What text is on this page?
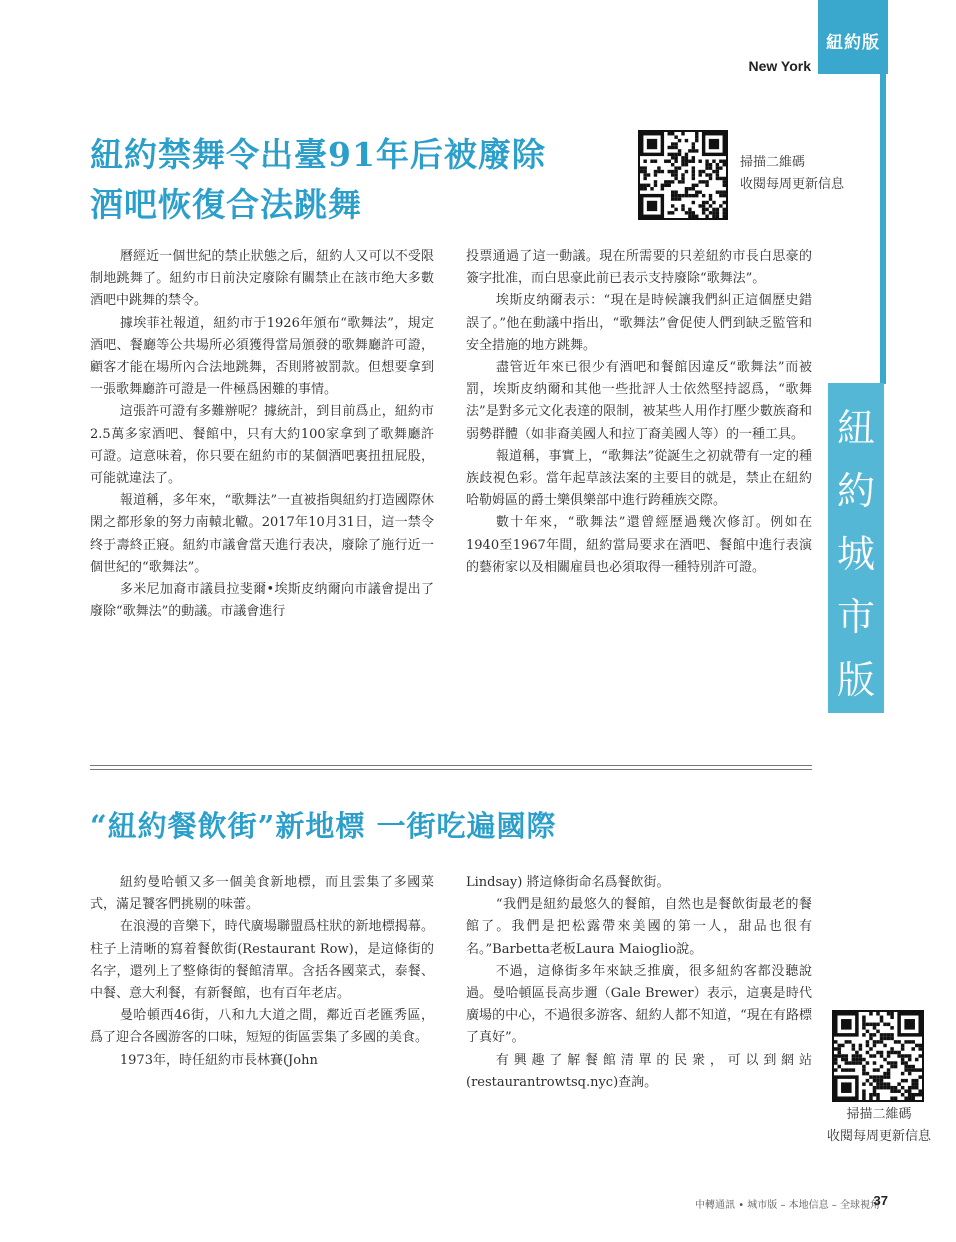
紐約版
New York
紐
約
城
市
版
紐約禁舞令出臺91年后被廢除
酒吧恢復合法跳舞
掃描二維碼
收閱每周更新信息

曆經近一個世紀的禁止狀態之后，紐約人又可以不受限制地跳舞了。紐約市日前決定廢除有關禁止在該市绝大多數酒吧中跳舞的禁令。

據埃菲社報道，紐約市于1926年頒布“歌舞法”，規定酒吧、餐廳等公共場所必須獲得當局頒發的歌舞廳許可證，顧客才能在場所內合法地跳舞，否則將被罰款。但想要拿到一張歌舞廳許可證是一件極爲困難的事情。

這張許可證有多難辦呢？據統計，到目前爲止，紐約市2.5萬多家酒吧、餐館中，只有大約100家拿到了歌舞廳許可證。這意味着，你只要在紐約市的某個酒吧裏扭扭屁股，可能就違法了。

報道稱，多年來，“歌舞法”一直被指與紐約打造國際休閑之都形象的努力南轅北轍。2017年10月31日，這一禁令终于壽終正寢。紐約市議會當天進行表决，廢除了施行近一個世紀的“歌舞法”。

多米尼加裔市議員拉斐爾•埃斯皮纳爾向市議會提出了廢除“歌舞法”的動議。市議會進行

投票通過了這一動議。現在所需要的只差紐約市長白思豪的簽字批准，而白思豪此前已表示支持廢除“歌舞法”。

埃斯皮纳爾表示：“現在是時候讓我們糾正這個歷史錯誤了。”他在動議中指出，“歌舞法”會促使人們到缺乏監管和安全措施的地方跳舞。

盡管近年來已很少有酒吧和餐館因違反“歌舞法”而被罰，埃斯皮纳爾和其他一些批評人士依然堅持認爲，“歌舞法”是對多元文化表達的限制，被某些人用作打壓少數族裔和弱勢群體（如非裔美國人和拉丁裔美國人等）的一種工具。

報道稱，事實上，“歌舞法”從誕生之初就帶有一定的種族歧視色彩。當年起草該法案的主要目的就是，禁止在紐約哈勒姆區的爵士樂俱樂部中進行跨種族交際。

數十年來，“歌舞法”還曾經歷過幾次修訂。例如在1940至1967年間，紐約當局要求在酒吧、餐館中進行表演的藝術家以及相關雇員也必須取得一種特別許可證。

“紐約餐飲街”新地標 一街吃遍國際

紐約曼哈頓又多一個美食新地標，而且雲集了多國菜式，滿足饕客們挑剔的味蕾。

在浪漫的音樂下，時代廣場聯盟爲柱狀的新地標揭幕。柱子上清晰的寫着餐飲街(Restaurant Row)，是這條街的名字，還列上了整條街的餐館清單。含括各國菜式，泰餐、中餐、意大利餐，有新餐館，也有百年老店。

曼哈頓西46街，八和九大道之間，鄰近百老匯秀區，爲了迎合各國游客的口味，短短的街區雲集了多國的美食。

1973年，時任紐約市長林賽(John

Lindsay) 將這條街命名爲餐飲街。

“我們是紐約最悠久的餐館，自然也是餐飲街最老的餐館了。我們是把松露帶來美國的第一人，甜品也很有名。”Barbetta老板Laura Maioglio說。

不過，這條街多年來缺乏推廣，很多紐約客都没聽說過。曼哈頓區長高步邇（Gale Brewer）表示，這裏是時代廣場的中心，不過很多游客、紐約人都不知道，“現在有路標了真好”。

有興趣了解餐館清單的民衆，可以到網站(restaurantrowtsq.nyc)查詢。

掃描二維碼
收閱每周更新信息
中轉通訊 • 城市版 – 本地信息 – 全球視角
37
